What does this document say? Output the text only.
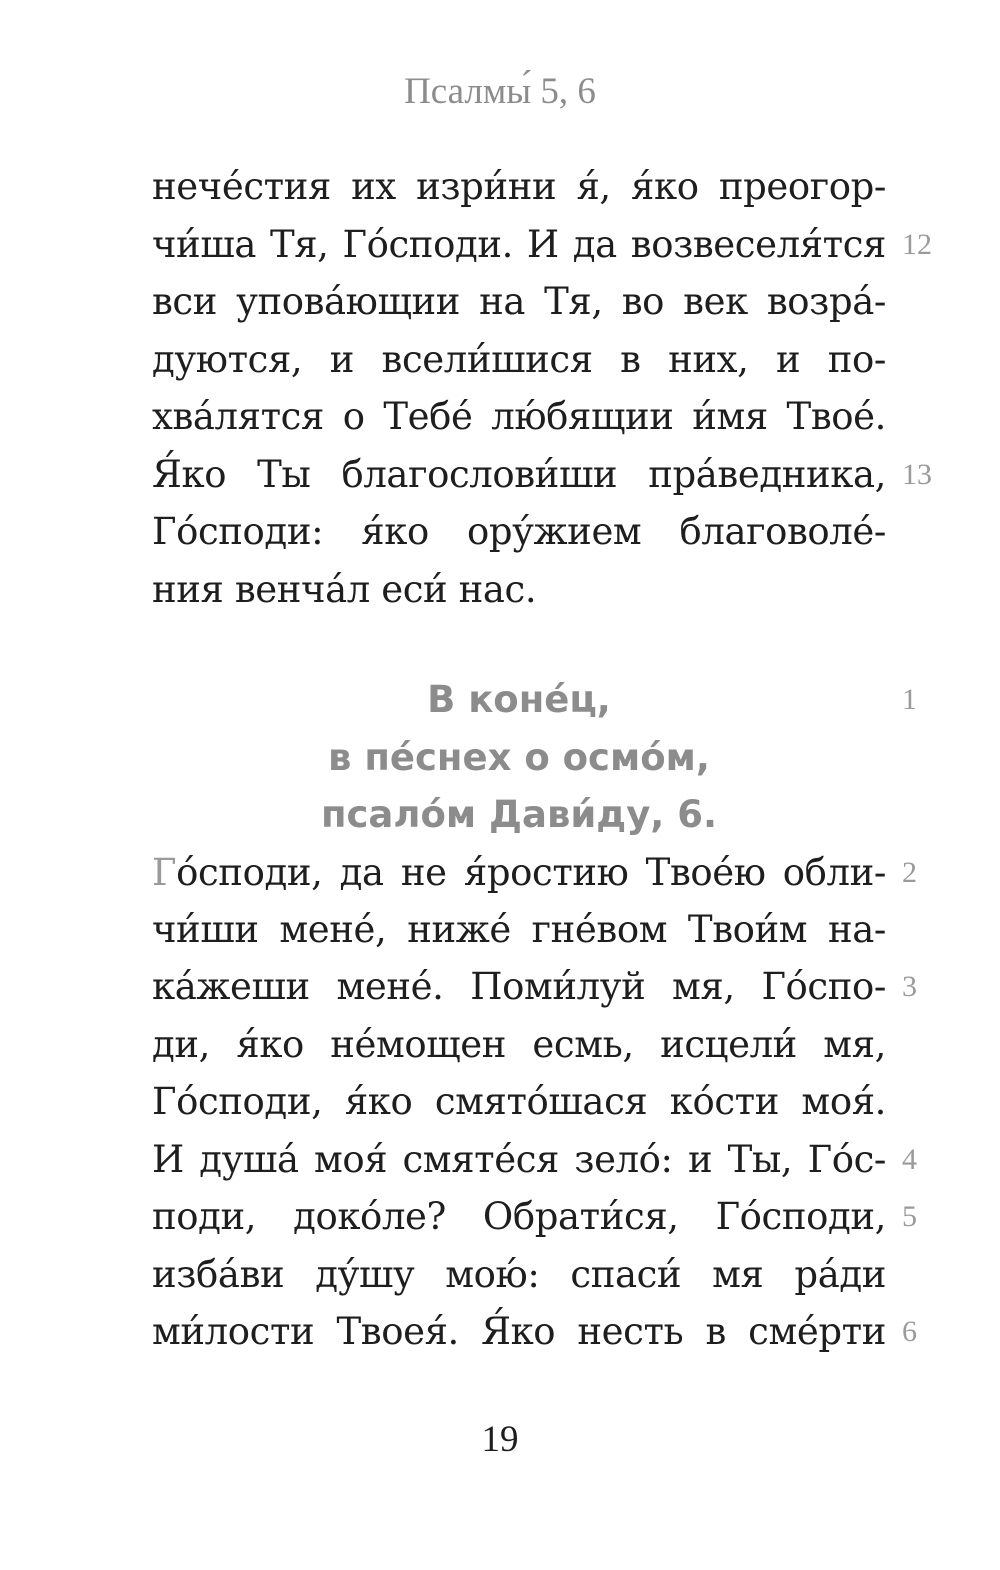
Псалмы́ 5, 6
нече́стия их изри́ни я́, я́ко преогор-
чи́ша Тя, Го́споди. И да возвеселя́тся 12
вси упова́ющии на Тя, во век возра́-
дуются, и всели́шися в них, и по-
хва́лятся о Тебе́ лю́бящии и́мя Твое́.
Я́ко Ты благослови́ши пра́ведника, 13
Го́споди: я́ко ору́жием благоволе́-
ния венча́л еси́ нас.
В коне́ц,	1
в пе́снех о осмо́м,
псало́м Дави́ду, 6.
Го́споди, да не я́ростию Твое́ю обли- 2
чи́ши мене́, ниже́ гне́вом Твои́м на-
ка́жеши мене́. Поми́луй мя, Го́спо- 3
ди, я́ко не́мощен есмь, исцели́ мя,
Го́споди, я́ко смято́шася ко́сти моя́.
И душа́ моя́ смяте́ся зело́: и Ты, Го́с- 4
поди, доко́ле? Обрати́ся, Го́споди, 5
изба́ви ду́шу мою́: спаси́ мя ра́ди
ми́лости Твоея́. Я́ко несть в сме́рти 6
19
